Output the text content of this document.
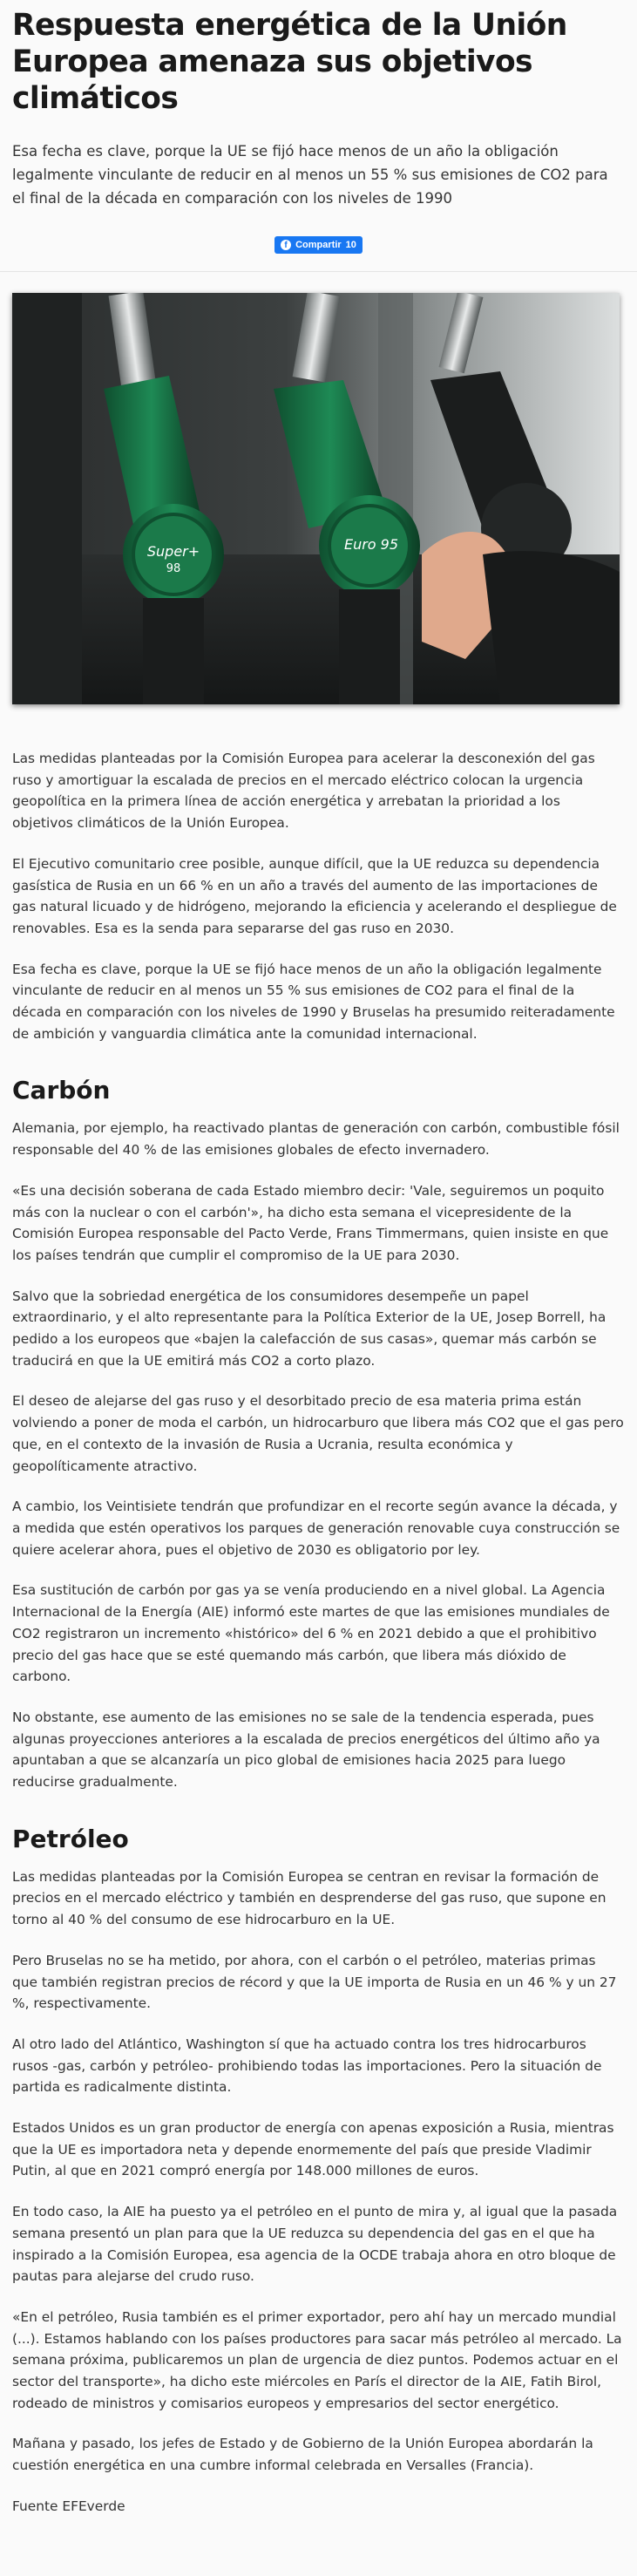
Respuesta energética de la Unión Europea amenaza sus objetivos climáticos

Esa fecha es clave, porque la UE se fijó hace menos de un año la obligación legalmente vinculante de reducir en al menos un 55 % sus emisiones de CO2 para el final de la década en comparación con los niveles de 1990

f Compartir 10
Super+
98
Euro 95

Las medidas planteadas por la Comisión Europea para acelerar la desconexión del gas ruso y amortiguar la escalada de precios en el mercado eléctrico colocan la urgencia geopolítica en la primera línea de acción energética y arrebatan la prioridad a los objetivos climáticos de la Unión Europea.

El Ejecutivo comunitario cree posible, aunque difícil, que la UE reduzca su dependencia gasística de Rusia en un 66 % en un año a través del aumento de las importaciones de gas natural licuado y de hidrógeno, mejorando la eficiencia y acelerando el despliegue de renovables. Esa es la senda para separarse del gas ruso en 2030.

Esa fecha es clave, porque la UE se fijó hace menos de un año la obligación legalmente vinculante de reducir en al menos un 55 % sus emisiones de CO2 para el final de la década en comparación con los niveles de 1990 y Bruselas ha presumido reiteradamente de ambición y vanguardia climática ante la comunidad internacional.

Carbón

Alemania, por ejemplo, ha reactivado plantas de generación con carbón, combustible fósil responsable del 40 % de las emisiones globales de efecto invernadero.

«Es una decisión soberana de cada Estado miembro decir: 'Vale, seguiremos un poquito más con la nuclear o con el carbón'», ha dicho esta semana el vicepresidente de la Comisión Europea responsable del Pacto Verde, Frans Timmermans, quien insiste en que los países tendrán que cumplir el compromiso de la UE para 2030.

Salvo que la sobriedad energética de los consumidores desempeñe un papel extraordinario, y el alto representante para la Política Exterior de la UE, Josep Borrell, ha pedido a los europeos que «bajen la calefacción de sus casas», quemar más carbón se traducirá en que la UE emitirá más CO2 a corto plazo.

El deseo de alejarse del gas ruso y el desorbitado precio de esa materia prima están volviendo a poner de moda el carbón, un hidrocarburo que libera más CO2 que el gas pero que, en el contexto de la invasión de Rusia a Ucrania, resulta económica y geopolíticamente atractivo.

A cambio, los Veintisiete tendrán que profundizar en el recorte según avance la década, y a medida que estén operativos los parques de generación renovable cuya construcción se quiere acelerar ahora, pues el objetivo de 2030 es obligatorio por ley.

Esa sustitución de carbón por gas ya se venía produciendo en a nivel global. La Agencia Internacional de la Energía (AIE) informó este martes de que las emisiones mundiales de CO2 registraron un incremento «histórico» del 6 % en 2021 debido a que el prohibitivo precio del gas hace que se esté quemando más carbón, que libera más dióxido de carbono.

No obstante, ese aumento de las emisiones no se sale de la tendencia esperada, pues algunas proyecciones anteriores a la escalada de precios energéticos del último año ya apuntaban a que se alcanzaría un pico global de emisiones hacia 2025 para luego reducirse gradualmente.

Petróleo

Las medidas planteadas por la Comisión Europea se centran en revisar la formación de precios en el mercado eléctrico y también en desprenderse del gas ruso, que supone en torno al 40 % del consumo de ese hidrocarburo en la UE.

Pero Bruselas no se ha metido, por ahora, con el carbón o el petróleo, materias primas que también registran precios de récord y que la UE importa de Rusia en un 46 % y un 27 %, respectivamente.

Al otro lado del Atlántico, Washington sí que ha actuado contra los tres hidrocarburos rusos -gas, carbón y petróleo- prohibiendo todas las importaciones. Pero la situación de partida es radicalmente distinta.

Estados Unidos es un gran productor de energía con apenas exposición a Rusia, mientras que la UE es importadora neta y depende enormemente del país que preside Vladimir Putin, al que en 2021 compró energía por 148.000 millones de euros.

En todo caso, la AIE ha puesto ya el petróleo en el punto de mira y, al igual que la pasada semana presentó un plan para que la UE reduzca su dependencia del gas en el que ha inspirado a la Comisión Europea, esa agencia de la OCDE trabaja ahora en otro bloque de pautas para alejarse del crudo ruso.

«En el petróleo, Rusia también es el primer exportador, pero ahí hay un mercado mundial (...). Estamos hablando con los países productores para sacar más petróleo al mercado. La semana próxima, publicaremos un plan de urgencia de diez puntos. Podemos actuar en el sector del transporte», ha dicho este miércoles en París el director de la AIE, Fatih Birol, rodeado de ministros y comisarios europeos y empresarios del sector energético.

Mañana y pasado, los jefes de Estado y de Gobierno de la Unión Europea abordarán la cuestión energética en una cumbre informal celebrada en Versalles (Francia).

Fuente EFEverde
